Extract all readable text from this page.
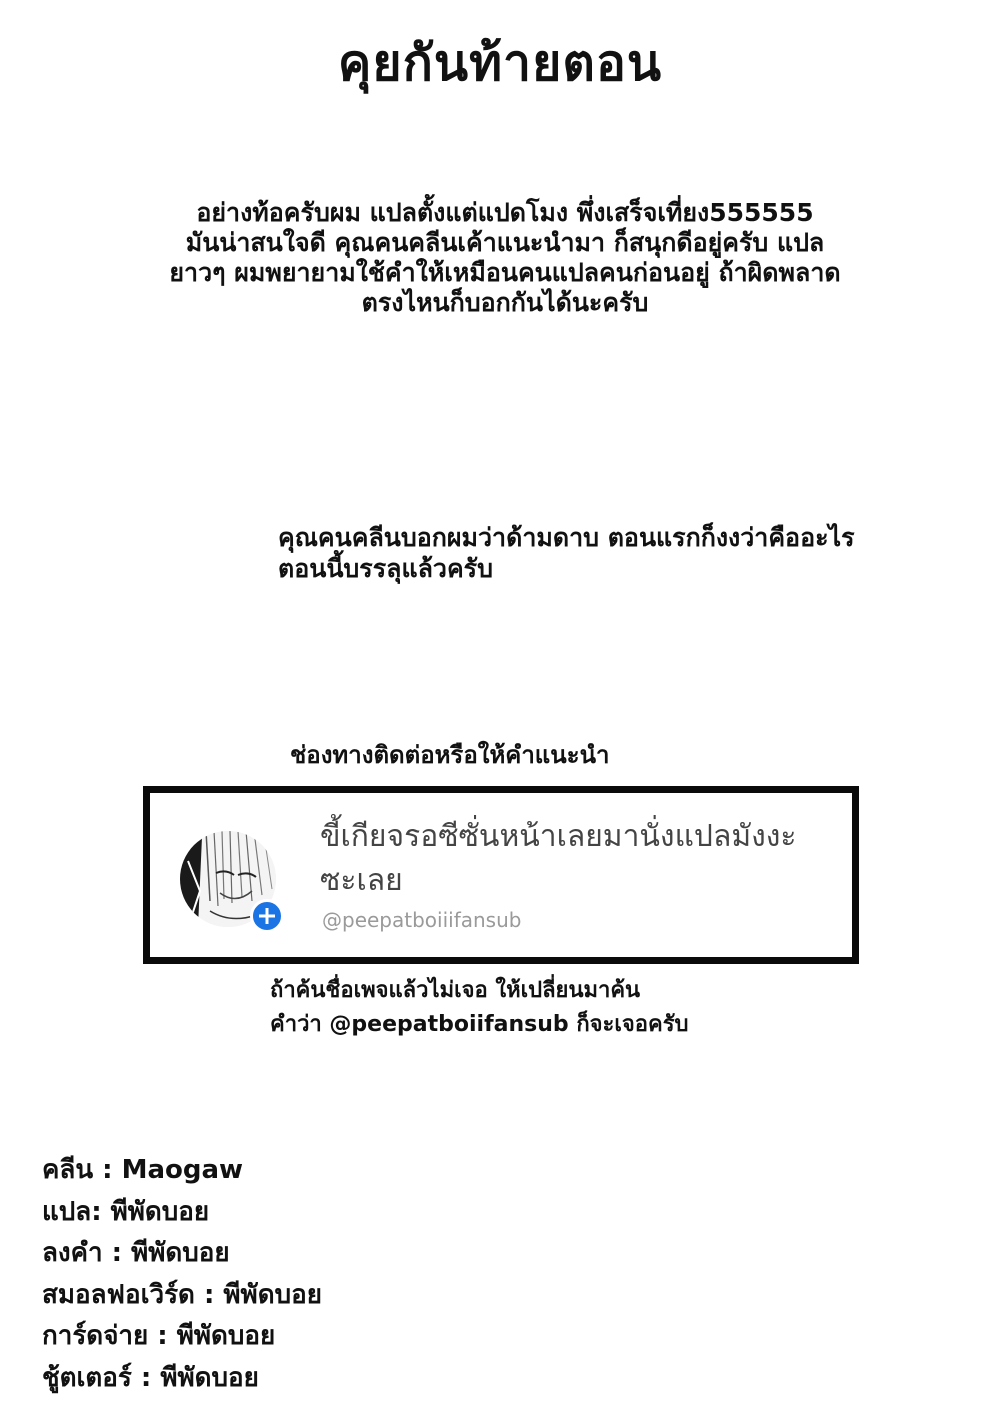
คุยกันท้ายตอน
อย่างท้อครับผม แปลตั้งแต่แปดโมง พึ่งเสร็จเที่ยง555555
มันน่าสนใจดี คุณคนคลีนเค้าแนะนำมา ก็สนุกดีอยู่ครับ แปล
ยาวๆ ผมพยายามใช้คำให้เหมือนคนแปลคนก่อนอยู่ ถ้าผิดพลาด
ตรงไหนก็บอกกันได้นะครับ
คุณคนคลีนบอกผมว่าด้ามดาบ ตอนแรกก็งงว่าคืออะไร
ตอนนี้บรรลุแล้วครับ
ช่องทางติดต่อหรือให้คำแนะนำ
ขี้เกียจรอซีซั่นหน้าเลยมานั่งแปลมังงะ
ซะเลย
@peepatboiiifansub
ถ้าค้นชื่อเพจแล้วไม่เจอ ให้เปลี่ยนมาค้น
คำว่า @peepatboiifansub ก็จะเจอครับ
คลีน : Maogaw
แปล: พีพัดบอย
ลงคำ : พีพัดบอย
สมอลฟอเวิร์ด : พีพัดบอย
การ์ดจ่าย : พีพัดบอย
ชู้ตเตอร์ : พีพัดบอย
